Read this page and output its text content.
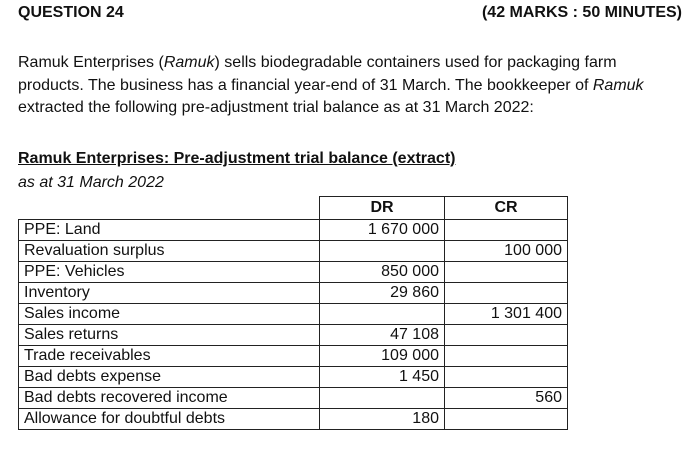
QUESTION 24	(42 MARKS : 50 MINUTES)

Ramuk Enterprises (Ramuk) sells biodegradable containers used for packaging farm products. The business has a financial year-end of 31 March. The bookkeeper of Ramuk extracted the following pre-adjustment trial balance as at 31 March 2022:

Ramuk Enterprises: Pre-adjustment trial balance (extract)
as at 31 March 2022
	DR	CR
PPE: Land	1 670 000	
Revaluation surplus		100 000
PPE: Vehicles	850 000	
Inventory	29 860	
Sales income		1 301 400
Sales returns	47 108	
Trade receivables	109 000	
Bad debts expense	1 450	
Bad debts recovered income		560
Allowance for doubtful debts	180	
